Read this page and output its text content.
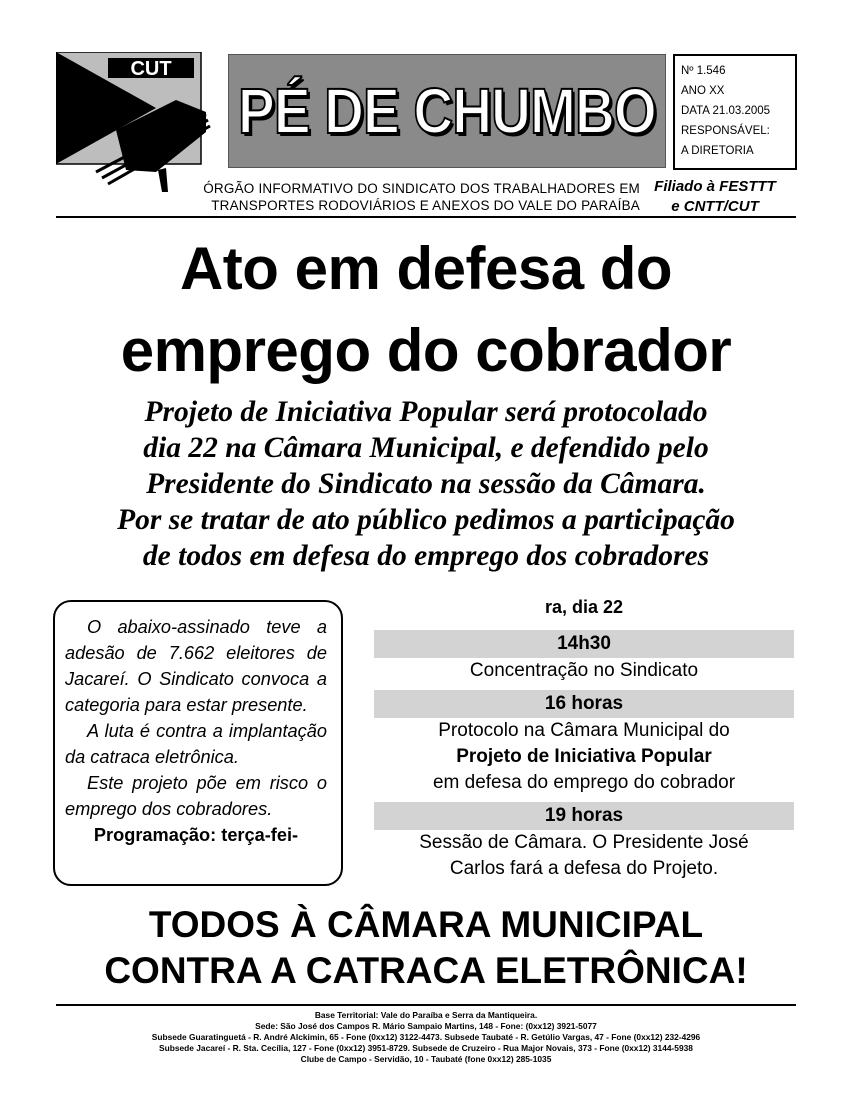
CUT
PÉ DE CHUMBO
Nº 1.546
ANO XX
DATA 21.03.2005
RESPONSÁVEL:
A DIRETORIA
ÓRGÃO INFORMATIVO DO SINDICATO DOS TRABALHADORES EM
TRANSPORTES RODOVIÁRIOS E ANEXOS DO VALE DO PARAÍBA
Filiado à FESTTT
e CNTT/CUT
Ato em defesa do
emprego do cobrador
Projeto de Iniciativa Popular será protocolado
dia 22 na Câmara Municipal, e defendido pelo
Presidente do Sindicato na sessão da Câmara.
Por se tratar de ato público pedimos a participação
de todos em defesa do emprego dos cobradores

O abaixo-assinado teve a adesão de 7.662 eleitores de Jacareí. O Sindicato convoca a categoria para estar presente.

A luta é contra a implantação da catraca eletrônica.

Este projeto põe em risco o emprego dos cobradores.

Programação: terça-fei-

ra, dia 22
14h30
Concentração no Sindicato
16 horas
Protocolo na Câmara Municipal do
Projeto de Iniciativa Popular
em defesa do emprego do cobrador
19 horas
Sessão de Câmara. O Presidente José
Carlos fará a defesa do Projeto.
TODOS À CÂMARA MUNICIPAL
CONTRA A CATRACA ELETRÔNICA!
Base Territorial: Vale do Paraíba e Serra da Mantiqueira.
Sede: São José dos Campos R. Mário Sampaio Martins, 148 - Fone: (0xx12) 3921-5077
Subsede Guaratinguetá - R. André Alckimin, 65 - Fone (0xx12) 3122-4473. Subsede Taubaté - R. Getúlio Vargas, 47 - Fone (0xx12) 232-4296
Subsede Jacareí - R. Sta. Cecília, 127 - Fone (0xx12) 3951-8729. Subsede de Cruzeiro - Rua Major Novais, 373 - Fone (0xx12) 3144-5938
Clube de Campo - Servidão, 10 - Taubaté (fone 0xx12) 285-1035
